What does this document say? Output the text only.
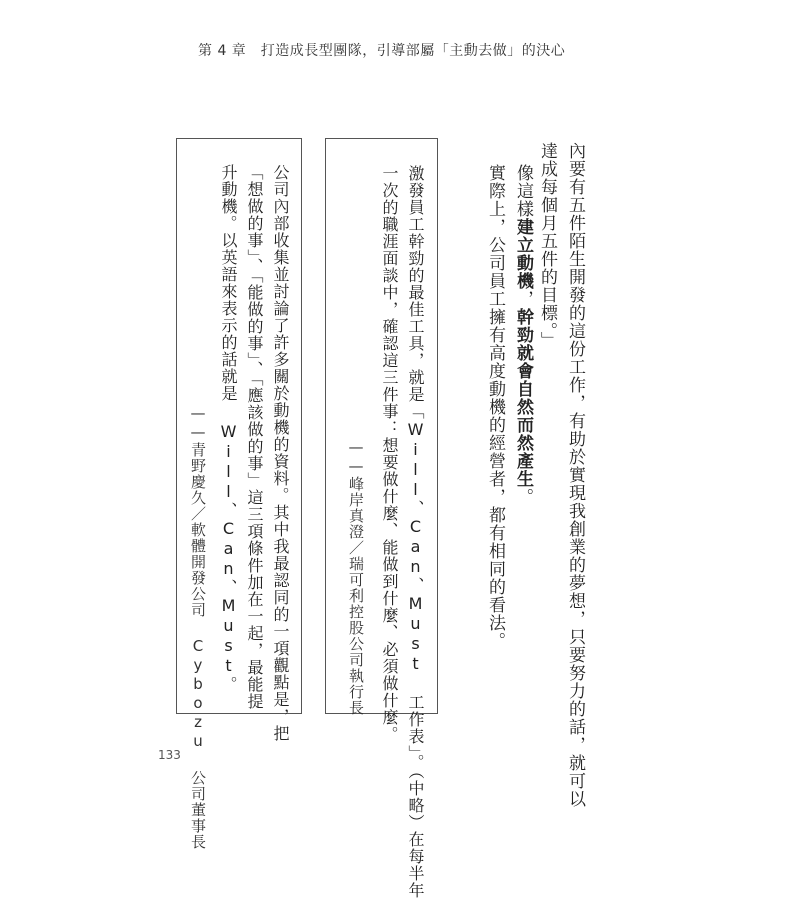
第 4 章　打造成長型團隊，引導部屬「主動去做」的決心
內要有五件陌生開發的這份工作，有助於實現我創業的夢想，只要努力的話，就可以
達成每個月五件的目標。」
像這樣建立動機，幹勁就會自然而然產生。
實際上，公司員工擁有高度動機的經營者，都有相同的看法。
激發員工幹勁的最佳工具，就是「Will、Can、Must 工作表」。（中略）在每半年
一次的職涯面談中，確認這三件事：想要做什麼、能做到什麼、必須做什麼。
——峰岸真澄／瑞可利控股公司執行長
公司內部收集並討論了許多關於動機的資料。其中我最認同的一項觀點是，把
「想做的事」、「能做的事」、「應該做的事」這三項條件加在一起，最能提
升動機。以英語來表示的話就是 Will、Can、Must。
——青野慶久／軟體開發公司 Cybozu 公司董事長
133
